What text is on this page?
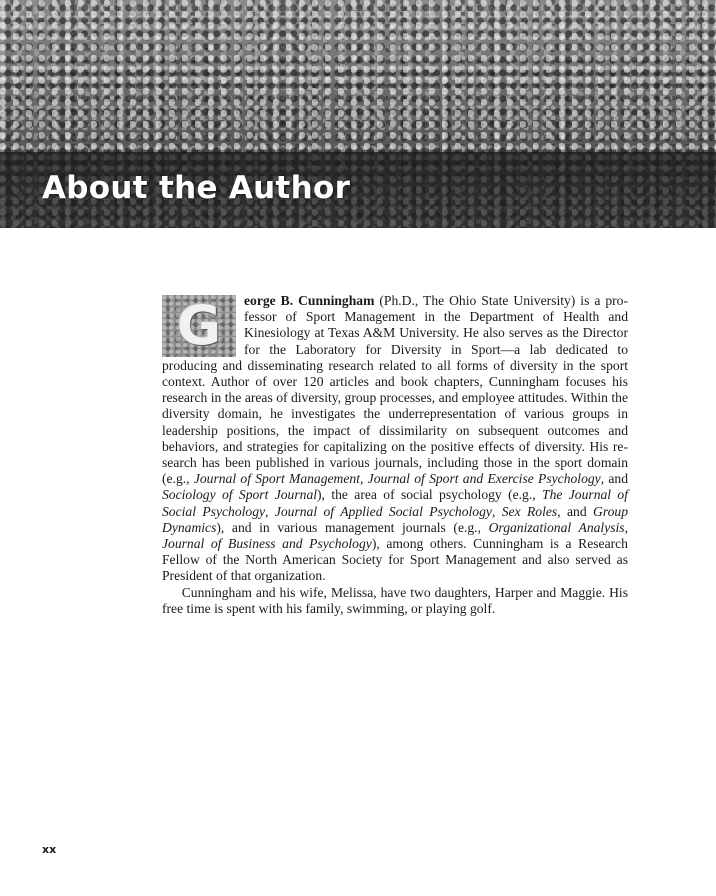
About the Author

G	eorge B. Cunningham (Ph.D., The Ohio State University) is a professor of Sport Management in the Department of Health and Kinesiology at Texas A&M University. He also serves as the Director for the Laboratory for Diversity in Sport—a lab dedicated to producing and disseminating research related to all forms of diversity in the sport context. Author of over 120 articles and book chapters, Cunningham focuses his research in the areas of diversity, group processes, and employee attitudes. Within the diversity domain, he investigates the underrepresentation of various groups in leadership positions, the impact of dissimilarity on subsequent outcomes and behaviors, and strategies for capitalizing on the positive effects of diversity. His research has been published in various journals, including those in the sport domain (e.g., Journal of Sport Management, Journal of Sport and Exercise Psychology, and Sociology of Sport Journal), the area of social psychology (e.g., The Journal of Social Psychology, Journal of Applied Social Psychology, Sex Roles, and Group Dynamics), and in various management journals (e.g., Organizational Analysis, Journal of Business and Psychology), among others. Cunningham is a Research Fellow of the North American Society for Sport Management and also served as President of that organization.

Cunningham and his wife, Melissa, have two daughters, Harper and Maggie. His free time is spent with his family, swimming, or playing golf.

xx
